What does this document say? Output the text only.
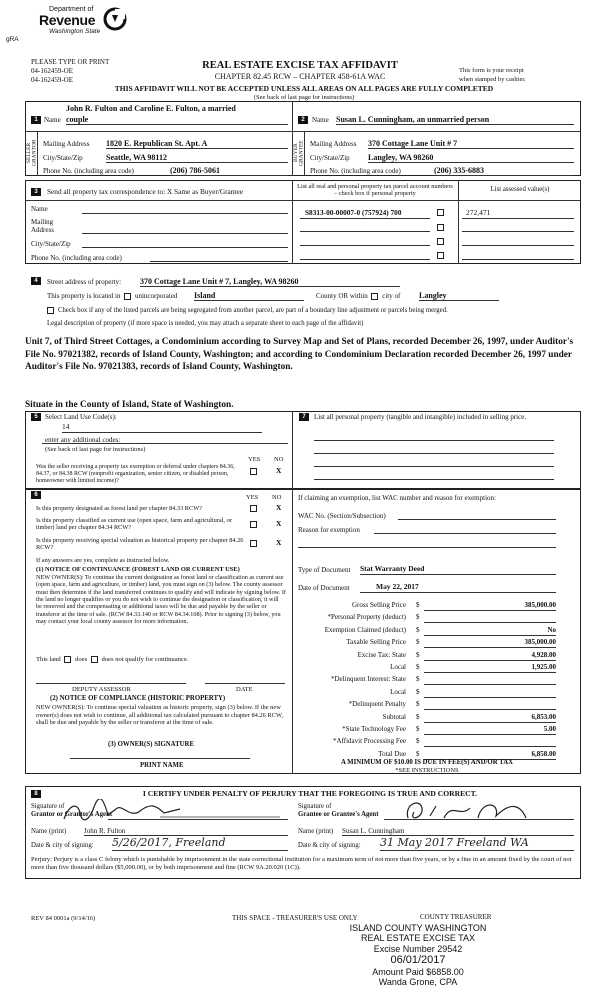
Department of
Revenue
Washington State
gRA
PLEASE TYPE OR PRINT
04-162459-OE
04-162459-OE
REAL ESTATE EXCISE TAX AFFIDAVIT
CHAPTER 82.45 RCW – CHAPTER 458-61A WAC
This form is your receipt
when stamped by cashier.
THIS AFFIDAVIT WILL NOT BE ACCEPTED UNLESS ALL AREAS ON ALL PAGES ARE FULLY COMPLETED
(See back of last page for instructions)
1
SELLER GRANTOR
John R. Fulton and Caroline E. Fulton, a married
Name couple
Mailing Address 1820 E. Republican St. Apt. A
City/State/Zip	Seattle, WA 98112
Phone No. (including area code)	(206) 786-5061
2
BUYER GRANTEE
Name Susan L. Cunningham, an unmarried person
Mailing Address 370 Cottage Lane Unit # 7
City/State/Zip Langley, WA 98260
Phone No. (including area code)	(206) 335-6883
3	Send all property tax correspondence to: X Same as Buyer/Grantee
Name
Mailing
Address
City/State/Zip
Phone No. (including area code)
List all real and personal property tax parcel account numbers – check box if personal property
List assessed value(s)
S8313-00-00007-0 (757924) 700	272,471
4	Street address of property: 370 Cottage Lane Unit # 7, Langley, WA 98260
This property is located in unincorporated Island	County OR within city of Langley
Check box if any of the listed parcels are being segregated from another parcel, are part of a boundary line adjustment or parcels being merged.
Legal description of property (if more space is needed, you may attach a separate sheet to each page of the affidavit)
Unit 7, of Third Street Cottages, a Condominium according to Survey Map and Set of Plans, recorded December 26, 1997, under Auditor's File No. 97021382, records of Island County, Washington; and according to Condominium Declaration recorded December 26, 1997 under Auditor's File No. 97021383, records of Island County, Washington.
Situate in the County of Island, State of Washington.
5	Select Land Use Code(s):
14
enter any additional codes:
(See back of last page for instructions)
YES NO
Was the seller receiving a property tax exemption or deferral under chapters 84.36, 84.37, or 84.38 RCW (nonprofit organization, senior citizen, or disabled person, homeowner with limited income)?
X
7	List all personal property (tangible and intangible) included in selling price.
6	YES NO
Is this property designated as forest land per chapter 84.33 RCW?	X
Is this property classified as current use (open space, farm and agricultural, or timber) land per chapter 84.34 RCW?	X
Is this property receiving special valuation as historical property per chapter 84.26 RCW?
X
If any answers are yes, complete as instructed below.
(1) NOTICE OF CONTINUANCE (FOREST LAND OR CURRENT USE)
NEW OWNER(S): To continue the current designation as forest land or classification as current use (open space, farm and agriculture, or timber) land, you must sign on (3) below. The county assessor must then determine if the land transferred continues to qualify and will indicate by signing below. If the land no longer qualifies or you do not wish to continue the designation or classification, it will be removed and the compensating or additional taxes will be due and payable by the seller or transferor at the time of sale. (RCW 84.33.140 or RCW 84.34.108). Prior to signing (3) below, you may contact your local county assessor for more information.
This land does does not qualify for continuance.
DEPUTY ASSESSOR	DATE
(2) NOTICE OF COMPLIANCE (HISTORIC PROPERTY)
NEW OWNER(S): To continue special valuation as historic property, sign (3) below. If the new owner(s) does not wish to continue, all additional tax calculated pursuant to chapter 84.26 RCW, shall be due and payable by the seller or transferor at the time of sale.
(3) OWNER(S) SIGNATURE
PRINT NAME
If claiming an exemption, list WAC number and reason for exemption:
WAC No. (Section/Subsection)
Reason for exemption
Type of Document Stat Warranty Deed
Date of Document	May 22, 2017
Gross Selling Price $	385,000.00
*Personal Property (deduct) $
Exemption Claimed (deduct) $	No
Taxable Selling Price $	385,000.00
Excise Tax: State $	4,928.00
Local $	1,925.00
*Delinquent Interest: State $
Local $
*Delinquent Penalty $
Subtotal $	6,853.00
*State Technology Fee $	5.00
*Affidavit Processing Fee $
Total Due $	6,858.00
A MINIMUM OF $10.00 IS DUE IN FEE(S) AND/OR TAX
*SEE INSTRUCTIONS
8	I CERTIFY UNDER PENALTY OF PERJURY THAT THE FOREGOING IS TRUE AND CORRECT.
Signature of
Grantor or Grantor's Agent
Name (print)	John R. Fulton
Date & city of signing: 5/26/2017, Freeland
Signature of
Grantee or Grantee's Agent
Name (print) Susan L. Cunningham
Date & city of signing: 31 May 2017 Freeland WA
Perjury: Perjury is a class C felony which is punishable by imprisonment in the state correctional institution for a maximum term of not more than five years, or by a fine in an amount fixed by the court of not more than five thousand dollars ($5,000.00), or by both imprisonment and fine (RCW 9A.20.020 (1C)).
REV 84 0001a (9/14/16)	THIS SPACE - TREASURER'S USE ONLY	COUNTY TREASURER
ISLAND COUNTY WASHINGTON
REAL ESTATE EXCISE TAX
Excise Number 29542
06/01/2017
Amount Paid $6858.00
Wanda Grone, CPA
